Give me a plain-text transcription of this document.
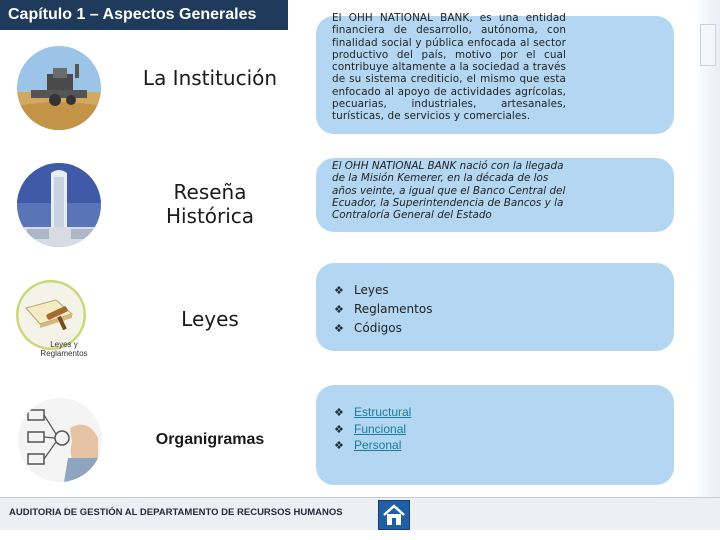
Capítulo 1 – Aspectos Generales
Leyes y Reglamentos
La Institución
Reseña Histórica
Leyes
Organigramas
El OHH NATIONAL BANK, es una entidad financiera de desarrollo, autónoma, con finalidad social y pública enfocada al sector productivo del país, motivo por el cual contribuye altamente a la sociedad a través de su sistema crediticio, el mismo que esta enfocado al apoyo de actividades agrícolas, pecuarias, industriales, artesanales, turísticas, de servicios y comerciales.
El OHH NATIONAL BANK nació con la llegada de la Misión Kemerer, en la década de los años veinte, a igual que el Banco Central del Ecuador, la Superintendencia de Bancos y la Contraloría General del Estado
❖ Leyes
❖ Reglamentos
❖ Códigos
❖ Estructural
❖ Funcional
❖ Personal
AUDITORIA DE GESTIÓN AL DEPARTAMENTO DE RECURSOS HUMANOS
